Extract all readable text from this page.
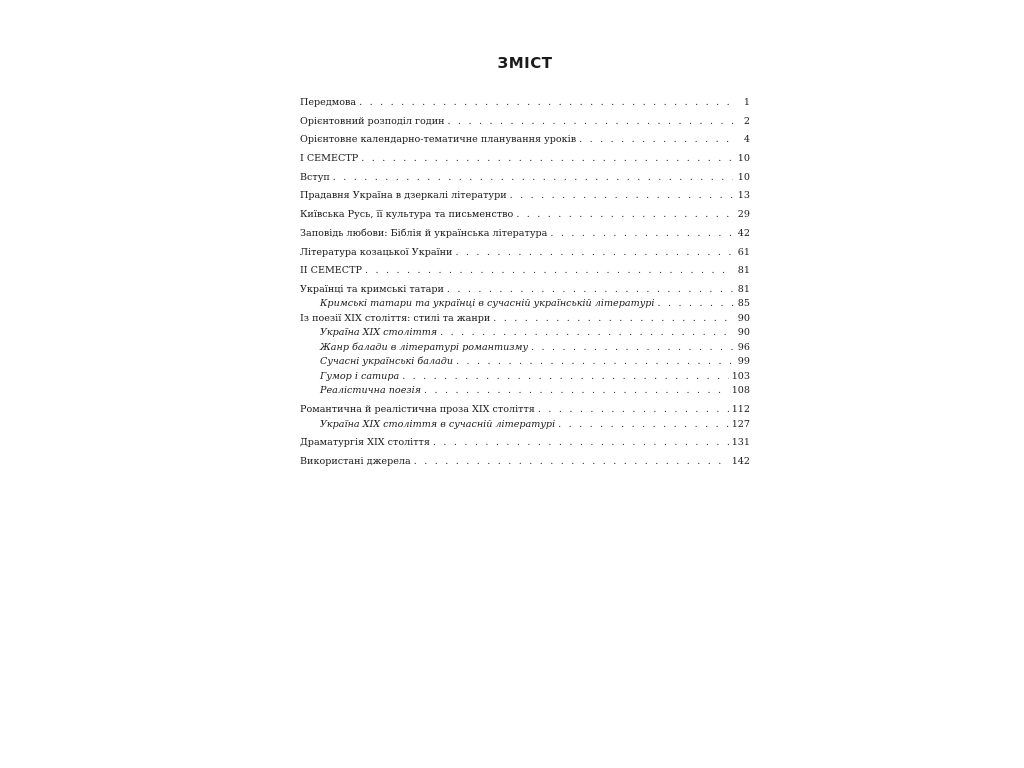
ЗМІСТ
Передмова . . .	1
Орієнтовний розподіл годин . . .	2
Орієнтовне календарно-тематичне планування уроків . . .	4
І СЕМЕСТР . . .	10
Вступ . . .	10
Прадавня Україна в дзеркалі літератури . . .	13
Київська Русь, її культура та письменство . . .	29
Заповідь любови: Біблія й українська література . . .	42
Література козацької України . . .	61
ІІ СЕМЕСТР . . .	81
Українці та кримські татари . . .	81
Кримські татари та українці в сучасній українській літературі . . .	85
Із поезії ХІХ століття: стилі та жанри . . .	90
Україна ХІХ століття . . .	90
Жанр балади в літературі романтизму . . .	96
Сучасні українські балади . . .	99
Гумор і сатира . . .	103
Реалістична поезія . . .	108
Романтична й реалістична проза ХІХ століття . . .	112
Україна ХІХ століття в сучасній літературі . . .	127
Драматургія ХІХ століття . . .	131
Використані джерела . . .	142
